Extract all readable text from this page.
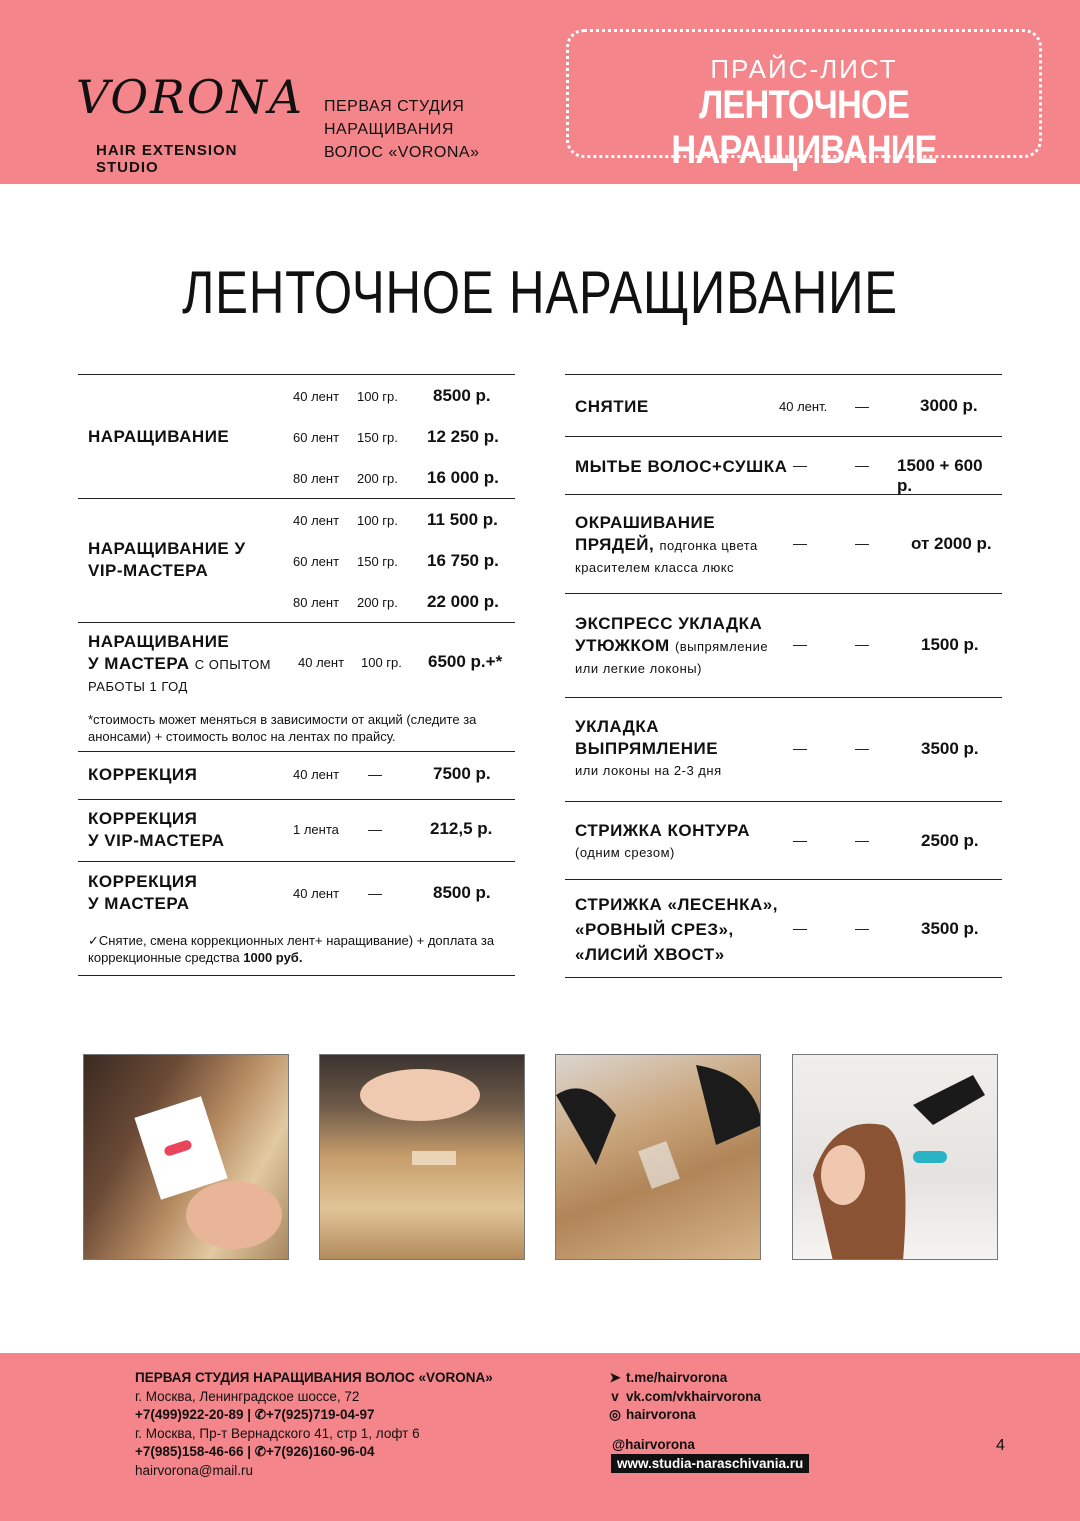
VORONA
HAIR EXTENSION STUDIO
ПЕРВАЯ СТУДИЯ
НАРАЩИВАНИЯ
ВОЛОС «VORONA»
ПРАЙС-ЛИСТ
ЛЕНТОЧНОЕ НАРАЩИВАНИЕ
ЛЕНТОЧНОЕ НАРАЩИВАНИЕ
НАРАЩИВАНИЕ
40 лент 100 гр. 8500 р.
60 лент 150 гр. 12 250 р.
80 лент 200 гр. 16 000 р.
НАРАЩИВАНИЕ У
VIP-МАСТЕРА
40 лент 100 гр. 11 500 р.
60 лент 150 гр. 16 750 р.
80 лент 200 гр. 22 000 р.
НАРАЩИВАНИЕ
У МАСТЕРА С ОПЫТОМ
РАБОТЫ 1 ГОД
40 лент 100 гр. 6500 р.+*
*стоимость может меняться в зависимости от акций (следите за анонсами) + стоимость волос на лентах по прайсу.
КОРРЕКЦИЯ	40 лент —	7500 р.
КОРРЕКЦИЯ
У VIP-МАСТЕРА
1 лента —	212,5 р.
КОРРЕКЦИЯ
У МАСТЕРА
40 лент —	8500 р.
✓Снятие, смена коррекционных лент+ наращивание) + доплата за коррекционные средства 1000 руб.
СНЯТИЕ	40 лент. —	3000 р.
МЫТЬЕ ВОЛОС+СУШКА —	— 1500 + 600 р.
ОКРАШИВАНИЕ
ПРЯДЕЙ, подгонка цвета
красителем класса люкс
—	— от 2000 р.
ЭКСПРЕСС УКЛАДКА
УТЮЖКОМ (выпрямление
или легкие локоны)
—	—	1500 р.
УКЛАДКА
ВЫПРЯМЛЕНИЕ
или локоны на 2-3 дня
—	—	3500 р.
СТРИЖКА КОНТУРА
(одним срезом)
—	—	2500 р.
СТРИЖКА «ЛЕСЕНКА»,
«РОВНЫЙ СРЕЗ»,
«ЛИСИЙ ХВОСТ»
—	—	3500 р.
ПЕРВАЯ СТУДИЯ НАРАЩИВАНИЯ ВОЛОС «VORONA»
г. Москва, Ленинградское шоссе, 72
+7(499)922-20-89 | ✆+7(925)719-04-97
г. Москва, Пр-т Вернадского 41, стр 1, лофт 6
+7(985)158-46-66 | ✆+7(926)160-96-04
hairvorona@mail.ru
➤ t.me/hairvorona
ᴠ vk.com/vkhairvorona
◎ hairvorona
@hairvorona
www.studia-naraschivania.ru
4
